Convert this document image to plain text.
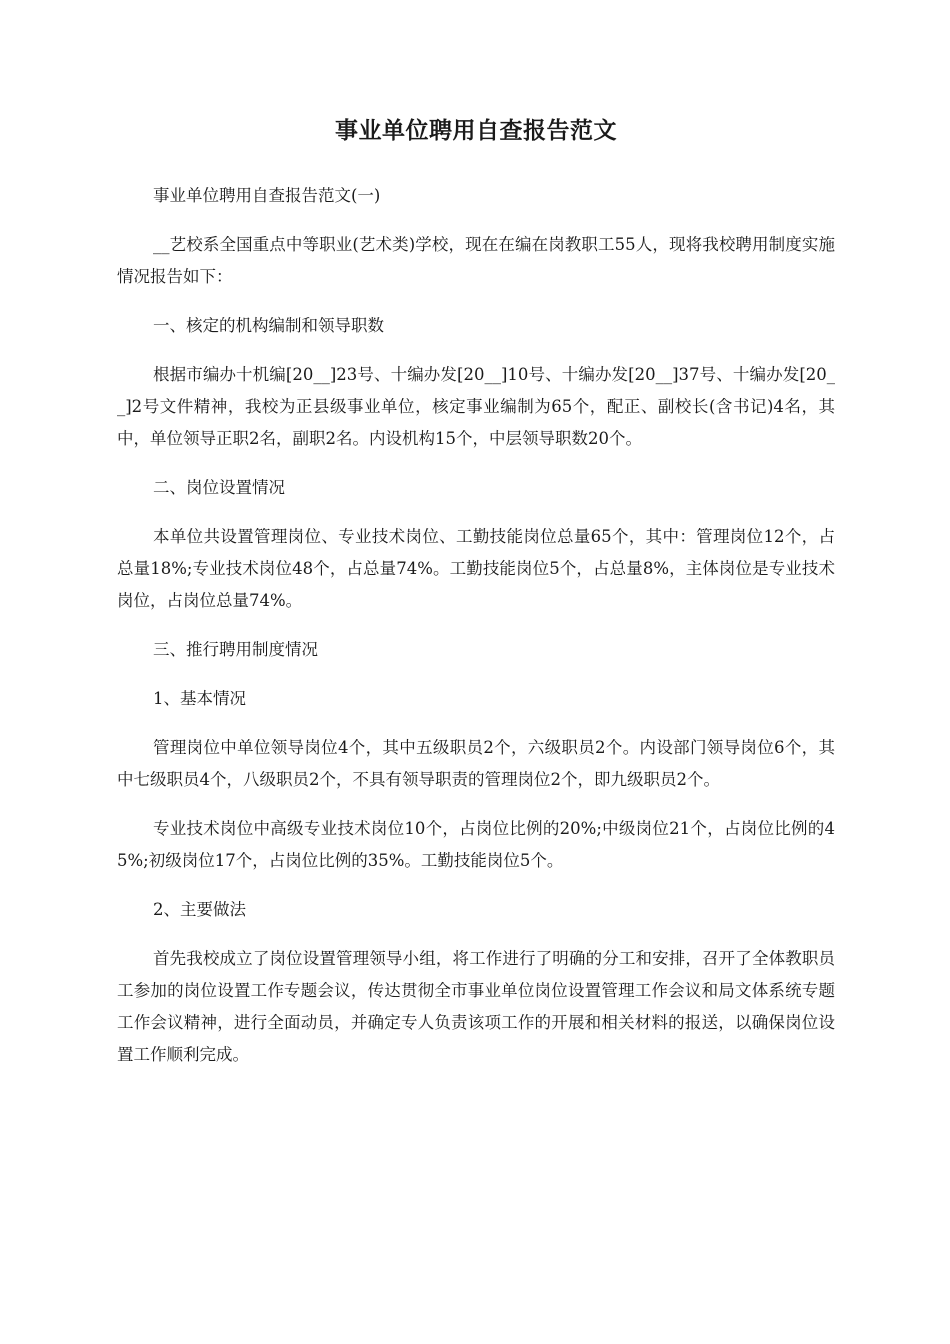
事业单位聘用自查报告范文

事业单位聘用自查报告范文(一)

__艺校系全国重点中等职业(艺术类)学校，现在在编在岗教职工55人，现将我校聘用制度实施情况报告如下：

一、核定的机构编制和领导职数

根据市编办十机编[20__]23号、十编办发[20__]10号、十编办发[20__]37号、十编办发[20__]2号文件精神，我校为正县级事业单位，核定事业编制为65个，配正、副校长(含书记)4名，其中，单位领导正职2名，副职2名。内设机构15个，中层领导职数20个。

二、岗位设置情况

本单位共设置管理岗位、专业技术岗位、工勤技能岗位总量65个，其中：管理岗位12个，占总量18%;专业技术岗位48个，占总量74%。工勤技能岗位5个，占总量8%，主体岗位是专业技术岗位，占岗位总量74%。

三、推行聘用制度情况

1、基本情况

管理岗位中单位领导岗位4个，其中五级职员2个，六级职员2个。内设部门领导岗位6个，其中七级职员4个，八级职员2个，不具有领导职责的管理岗位2个，即九级职员2个。

专业技术岗位中高级专业技术岗位10个，占岗位比例的20%;中级岗位21个，占岗位比例的45%;初级岗位17个，占岗位比例的35%。工勤技能岗位5个。

2、主要做法

首先我校成立了岗位设置管理领导小组，将工作进行了明确的分工和安排，召开了全体教职员工参加的岗位设置工作专题会议，传达贯彻全市事业单位岗位设置管理工作会议和局文体系统专题工作会议精神，进行全面动员，并确定专人负责该项工作的开展和相关材料的报送，以确保岗位设置工作顺利完成。
